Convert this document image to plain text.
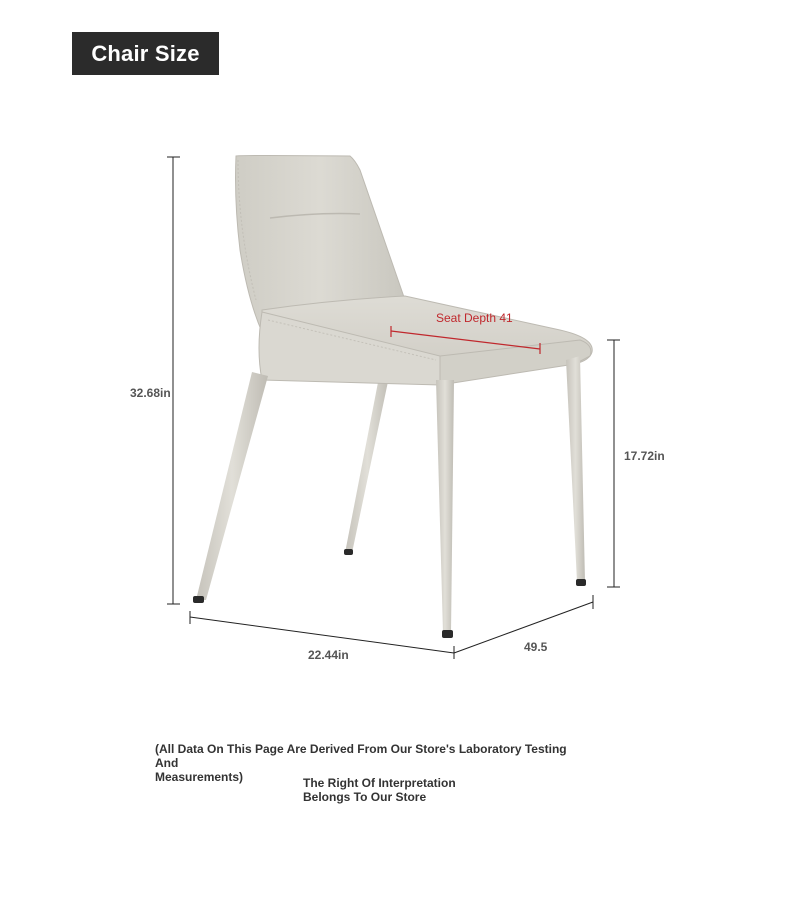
Chair Size
32.68in
17.72in
22.44in
49.5
Seat Depth 41
(All Data On This Page Are Derived From Our Store's Laboratory Testing And
Measurements)	The Right Of Interpretation
Belongs To Our Store
